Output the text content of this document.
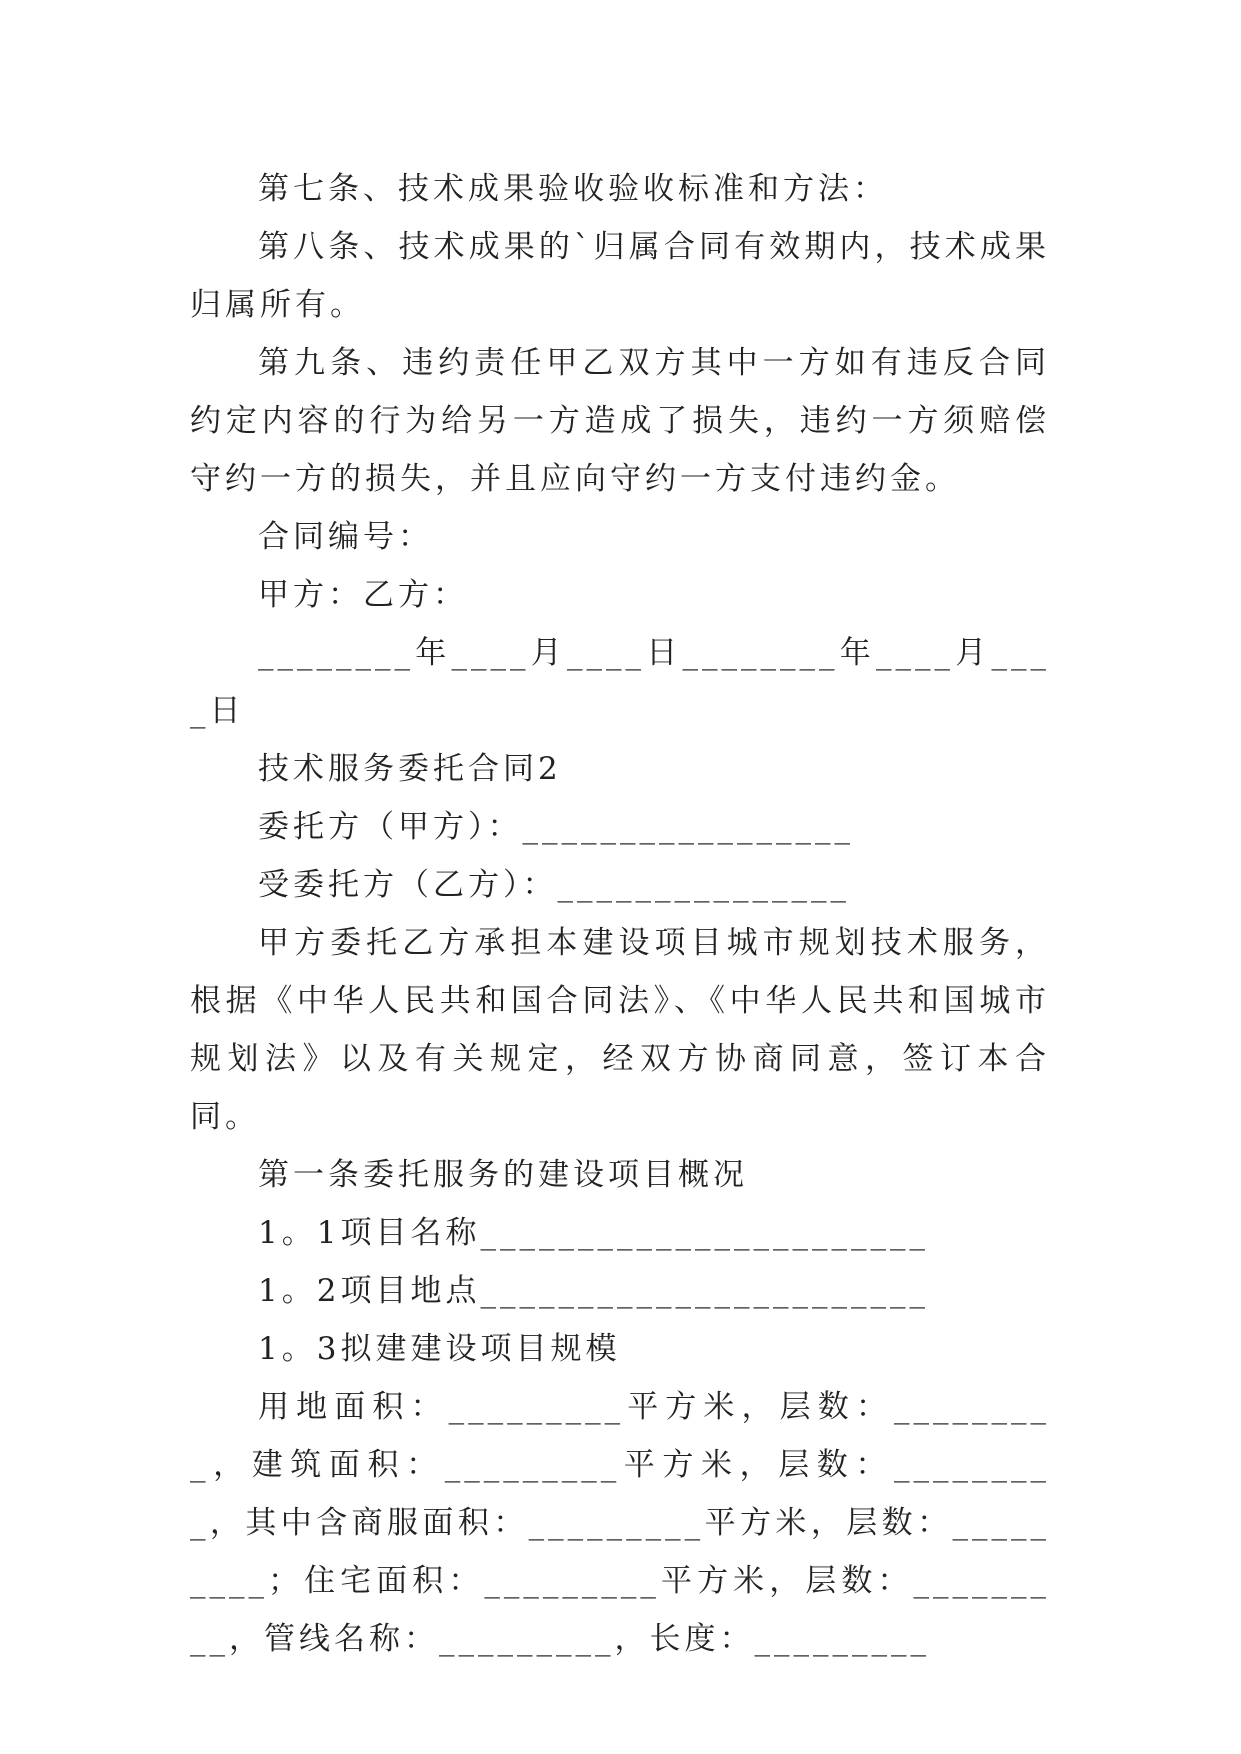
第七条、技术成果验收验收标准和方法：

第八条、技术成果的`归属合同有效期内，技术成果归属所有。

第九条、违约责任甲乙双方其中一方如有违反合同约定内容的行为给另一方造成了损失，违约一方须赔偿守约一方的损失，并且应向守约一方支付违约金。

合同编号：

甲方：乙方：

________年____月____日________年____月____日

技术服务委托合同2

委托方（甲方）：_________________

受委托方（乙方）：_______________

甲方委托乙方承担本建设项目城市规划技术服务，根据《中华人民共和国合同法》、《中华人民共和国城市规划法》以及有关规定，经双方协商同意，签订本合同。

第一条委托服务的建设项目概况

1。1项目名称_______________________

1。2项目地点_______________________

1。3拟建建设项目规模

用地面积：_________平方米，层数：_________，建筑面积：_________平方米，层数：_________，其中含商服面积：_________平方米，层数：_________；住宅面积：_________平方米，层数：_________，管线名称：_________，长度：_________
